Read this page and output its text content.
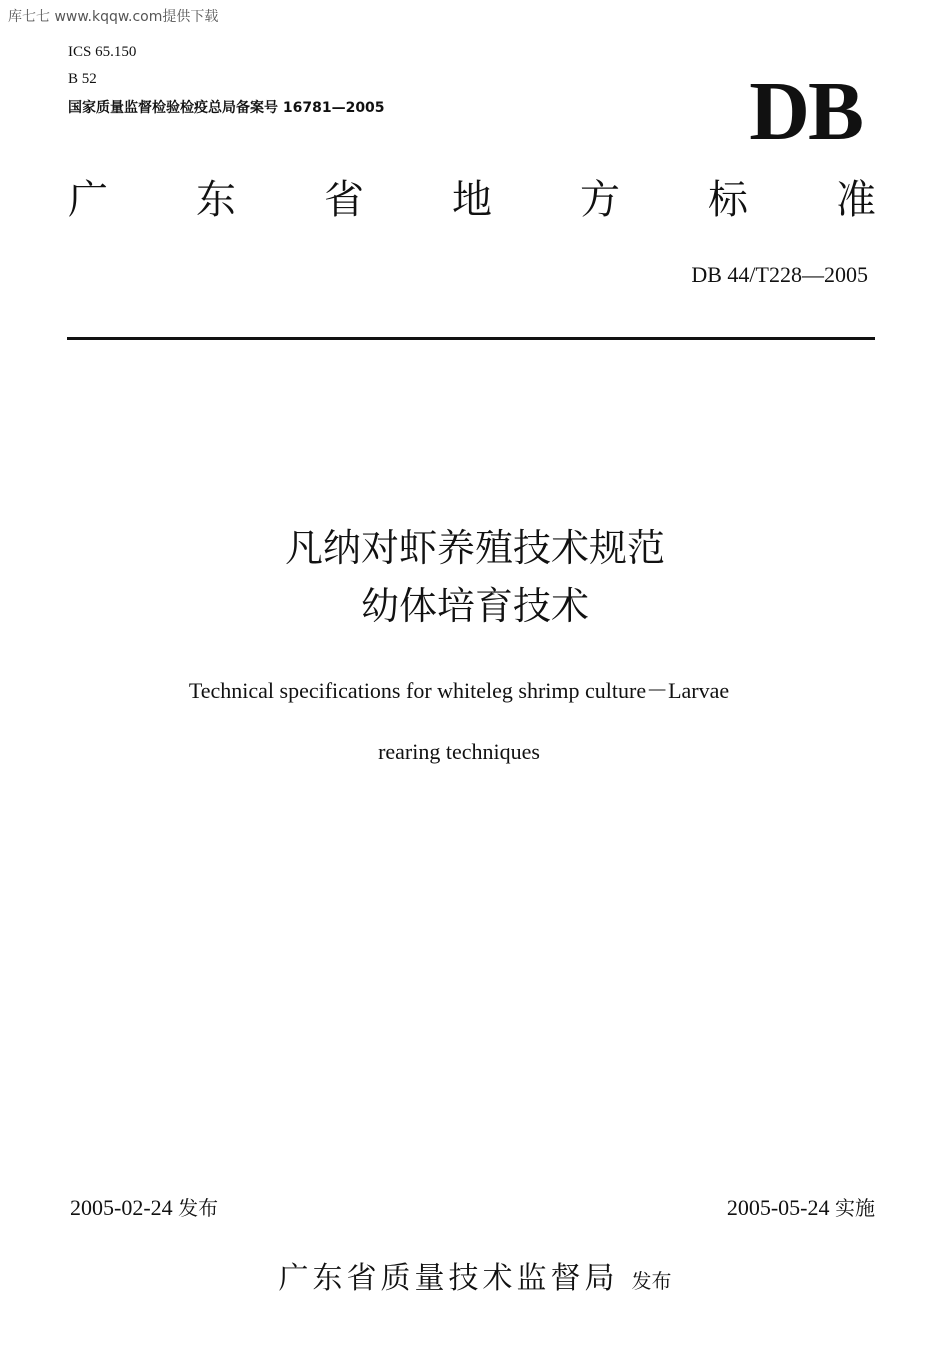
库七七 www.kqqw.com提供下载
ICS 65.150
B 52
国家质量监督检验检疫总局备案号 16781—2005	DB
广 东 省 地 方 标 准
DB 44/T228—2005
凡纳对虾养殖技术规范
幼体培育技术
Technical specifications for whiteleg shrimp culture－Larvae
rearing techniques
2005-02-24 发布	2005-05-24 实施
广东省质量技术监督局 发布
